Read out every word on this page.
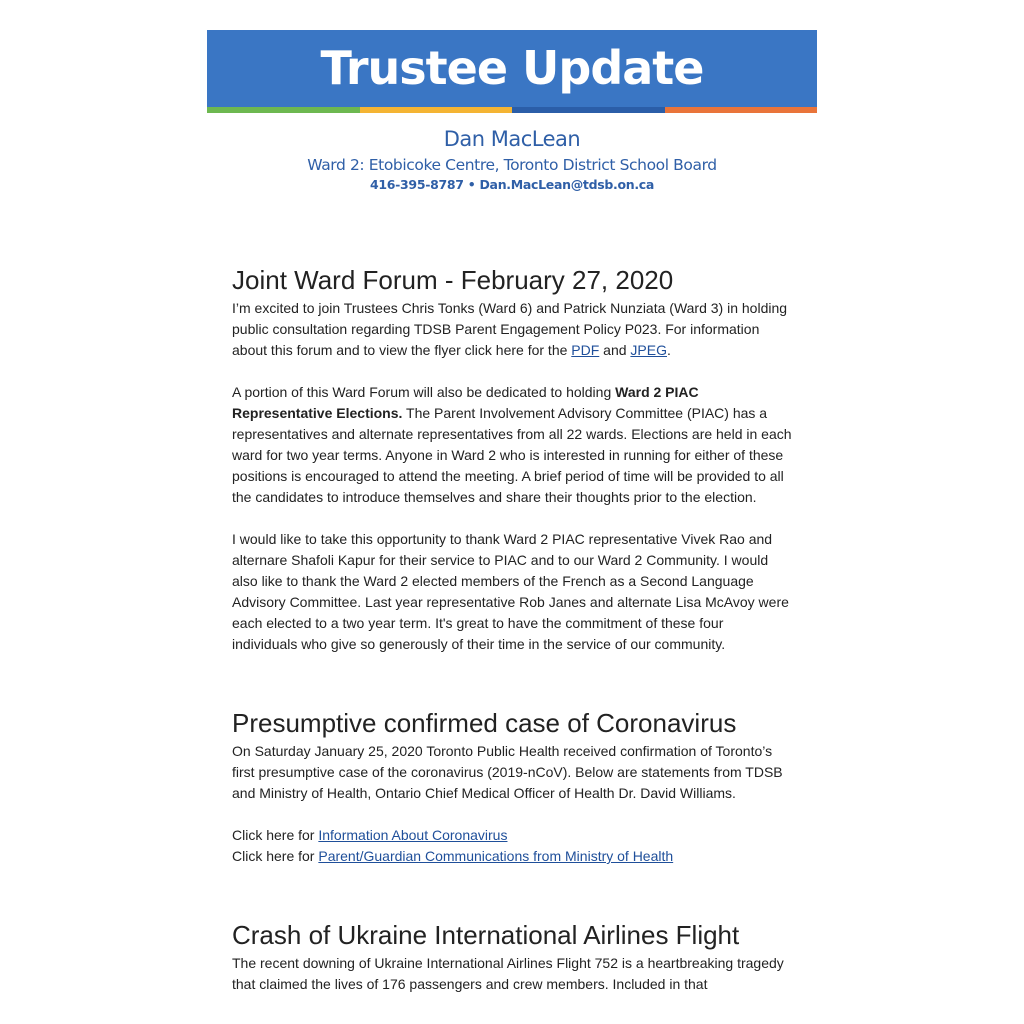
Trustee Update
Dan MacLean
Ward 2: Etobicoke Centre, Toronto District School Board
416-395-8787 • Dan.MacLean@tdsb.on.ca
Joint Ward Forum - February 27, 2020

I’m excited to join Trustees Chris Tonks (Ward 6) and Patrick Nunziata (Ward 3) in holding public consultation regarding TDSB Parent Engagement Policy P023. For information about this forum and to view the flyer click here for the PDF and JPEG.

A portion of this Ward Forum will also be dedicated to holding Ward 2 PIAC Representative Elections. The Parent Involvement Advisory Committee (PIAC) has a representatives and alternate representatives from all 22 wards. Elections are held in each ward for two year terms. Anyone in Ward 2 who is interested in running for either of these positions is encouraged to attend the meeting. A brief period of time will be provided to all the candidates to introduce themselves and share their thoughts prior to the election.

I would like to take this opportunity to thank Ward 2 PIAC representative Vivek Rao and alternare Shafoli Kapur for their service to PIAC and to our Ward 2 Community. I would also like to thank the Ward 2 elected members of the French as a Second Language Advisory Committee. Last year representative Rob Janes and alternate Lisa McAvoy were each elected to a two year term. It's great to have the commitment of these four individuals who give so generously of their time in the service of our community.

Presumptive confirmed case of Coronavirus

On Saturday January 25, 2020 Toronto Public Health received confirmation of Toronto’s first presumptive case of the coronavirus (2019-nCoV). Below are statements from TDSB and Ministry of Health, Ontario Chief Medical Officer of Health Dr. David Williams.

Click here for Information About Coronavirus

Click here for Parent/Guardian Communications from Ministry of Health

Crash of Ukraine International Airlines Flight

The recent downing of Ukraine International Airlines Flight 752 is a heartbreaking tragedy that claimed the lives of 176 passengers and crew members. Included in that
